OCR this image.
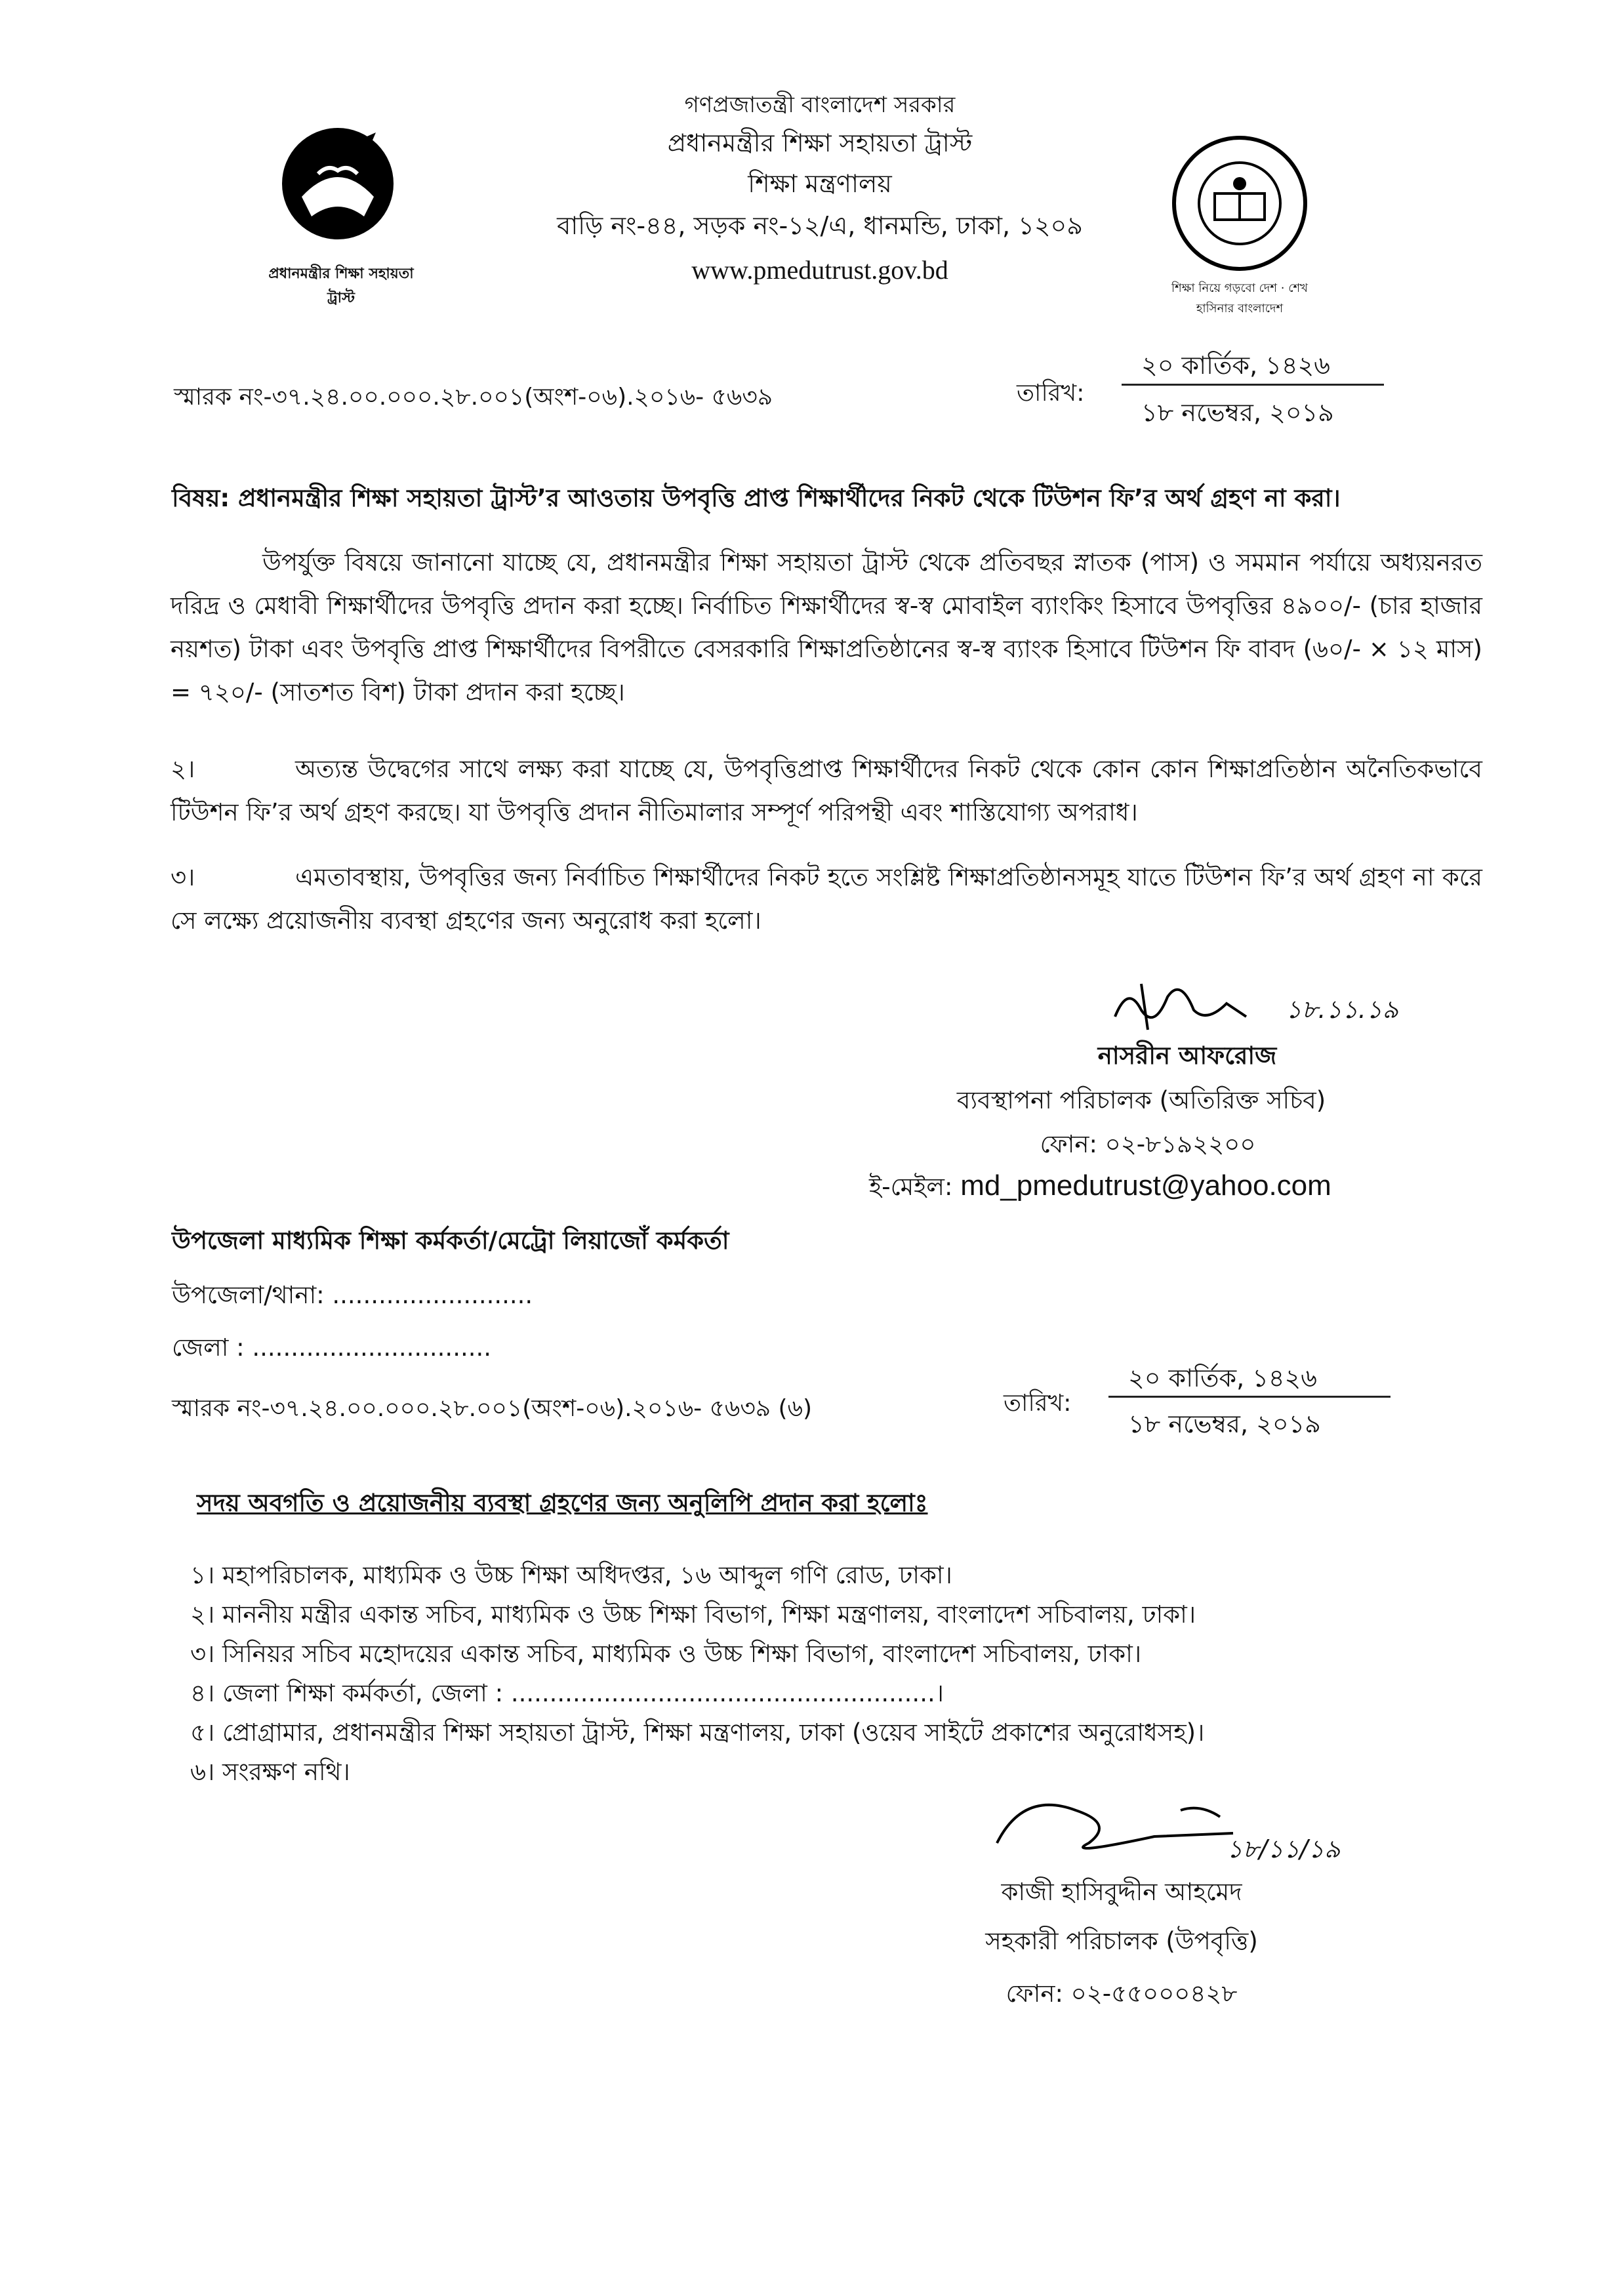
প্রধানমন্ত্রীর শিক্ষা সহায়তা ট্রাস্ট
শিক্ষা নিয়ে গড়বো দেশ · শেখ হাসিনার বাংলাদেশ
গণপ্রজাতন্ত্রী বাংলাদেশ সরকার
প্রধানমন্ত্রীর শিক্ষা সহায়তা ট্রাস্ট
শিক্ষা মন্ত্রণালয়
বাড়ি নং-৪৪, সড়ক নং-১২/এ, ধানমন্ডি, ঢাকা, ১২০৯
www.pmedutrust.gov.bd
স্মারক নং-৩৭.২৪.০০.০০০.২৮.০০১(অংশ-০৬).২০১৬- ৫৬৩৯	তারিখ:
২০ কার্তিক, ১৪২৬
১৮ নভেম্বর, ২০১৯
বিষয়: প্রধানমন্ত্রীর শিক্ষা সহায়তা ট্রাস্ট’র আওতায় উপবৃত্তি প্রাপ্ত শিক্ষার্থীদের নিকট থেকে টিউশন ফি’র অর্থ গ্রহণ না করা।
উপর্যুক্ত বিষয়ে জানানো যাচ্ছে যে, প্রধানমন্ত্রীর শিক্ষা সহায়তা ট্রাস্ট থেকে প্রতিবছর স্নাতক (পাস) ও সমমান পর্যায়ে অধ্যয়নরত দরিদ্র ও মেধাবী শিক্ষার্থীদের উপবৃত্তি প্রদান করা হচ্ছে। নির্বাচিত শিক্ষার্থীদের স্ব-স্ব মোবাইল ব্যাংকিং হিসাবে উপবৃত্তির ৪৯০০/- (চার হাজার নয়শত) টাকা এবং উপবৃত্তি প্রাপ্ত শিক্ষার্থীদের বিপরীতে বেসরকারি শিক্ষাপ্রতিষ্ঠানের স্ব-স্ব ব্যাংক হিসাবে টিউশন ফি বাবদ (৬০/- × ১২ মাস) = ৭২০/- (সাতশত বিশ) টাকা প্রদান করা হচ্ছে।
২।	অত্যন্ত উদ্বেগের সাথে লক্ষ্য করা যাচ্ছে যে, উপবৃত্তিপ্রাপ্ত শিক্ষার্থীদের নিকট থেকে কোন কোন শিক্ষাপ্রতিষ্ঠান অনৈতিকভাবে টিউশন ফি’র অর্থ গ্রহণ করছে। যা উপবৃত্তি প্রদান নীতিমালার সম্পূর্ণ পরিপন্থী এবং শাস্তিযোগ্য অপরাধ।
৩।	এমতাবস্থায়, উপবৃত্তির জন্য নির্বাচিত শিক্ষার্থীদের নিকট হতে সংশ্লিষ্ট শিক্ষাপ্রতিষ্ঠানসমূহ যাতে টিউশন ফি’র অর্থ গ্রহণ না করে সে লক্ষ্যে প্রয়োজনীয় ব্যবস্থা গ্রহণের জন্য অনুরোধ করা হলো।
১৮.১১.১৯
নাসরীন আফরোজ
ব্যবস্থাপনা পরিচালক (অতিরিক্ত সচিব)
ফোন: ০২-৮১৯২২০০
ই-মেইল: md_pmedutrust@yahoo.com
উপজেলা মাধ্যমিক শিক্ষা কর্মকর্তা/মেট্রো লিয়াজোঁ কর্মকর্তা
উপজেলা/থানা: ..........................
জেলা : ...............................
স্মারক নং-৩৭.২৪.০০.০০০.২৮.০০১(অংশ-০৬).২০১৬- ৫৬৩৯ (৬)	তারিখ:
২০ কার্তিক, ১৪২৬
১৮ নভেম্বর, ২০১৯
সদয় অবগতি ও প্রয়োজনীয় ব্যবস্থা গ্রহণের জন্য অনুলিপি প্রদান করা হলোঃ
১। মহাপরিচালক, মাধ্যমিক ও উচ্চ শিক্ষা অধিদপ্তর, ১৬ আব্দুল গণি রোড, ঢাকা।
২। মাননীয় মন্ত্রীর একান্ত সচিব, মাধ্যমিক ও উচ্চ শিক্ষা বিভাগ, শিক্ষা মন্ত্রণালয়, বাংলাদেশ সচিবালয়, ঢাকা।
৩। সিনিয়র সচিব মহোদয়ের একান্ত সচিব, মাধ্যমিক ও উচ্চ শিক্ষা বিভাগ, বাংলাদেশ সচিবালয়, ঢাকা।
৪। জেলা শিক্ষা কর্মকর্তা, জেলা : .......................................................।
৫। প্রোগ্রামার, প্রধানমন্ত্রীর শিক্ষা সহায়তা ট্রাস্ট, শিক্ষা মন্ত্রণালয়, ঢাকা (ওয়েব সাইটে প্রকাশের অনুরোধসহ)।
৬। সংরক্ষণ নথি।
১৮/১১/১৯
কাজী হাসিবুদ্দীন আহমেদ
সহকারী পরিচালক (উপবৃত্তি)
ফোন: ০২-৫৫০০০৪২৮
